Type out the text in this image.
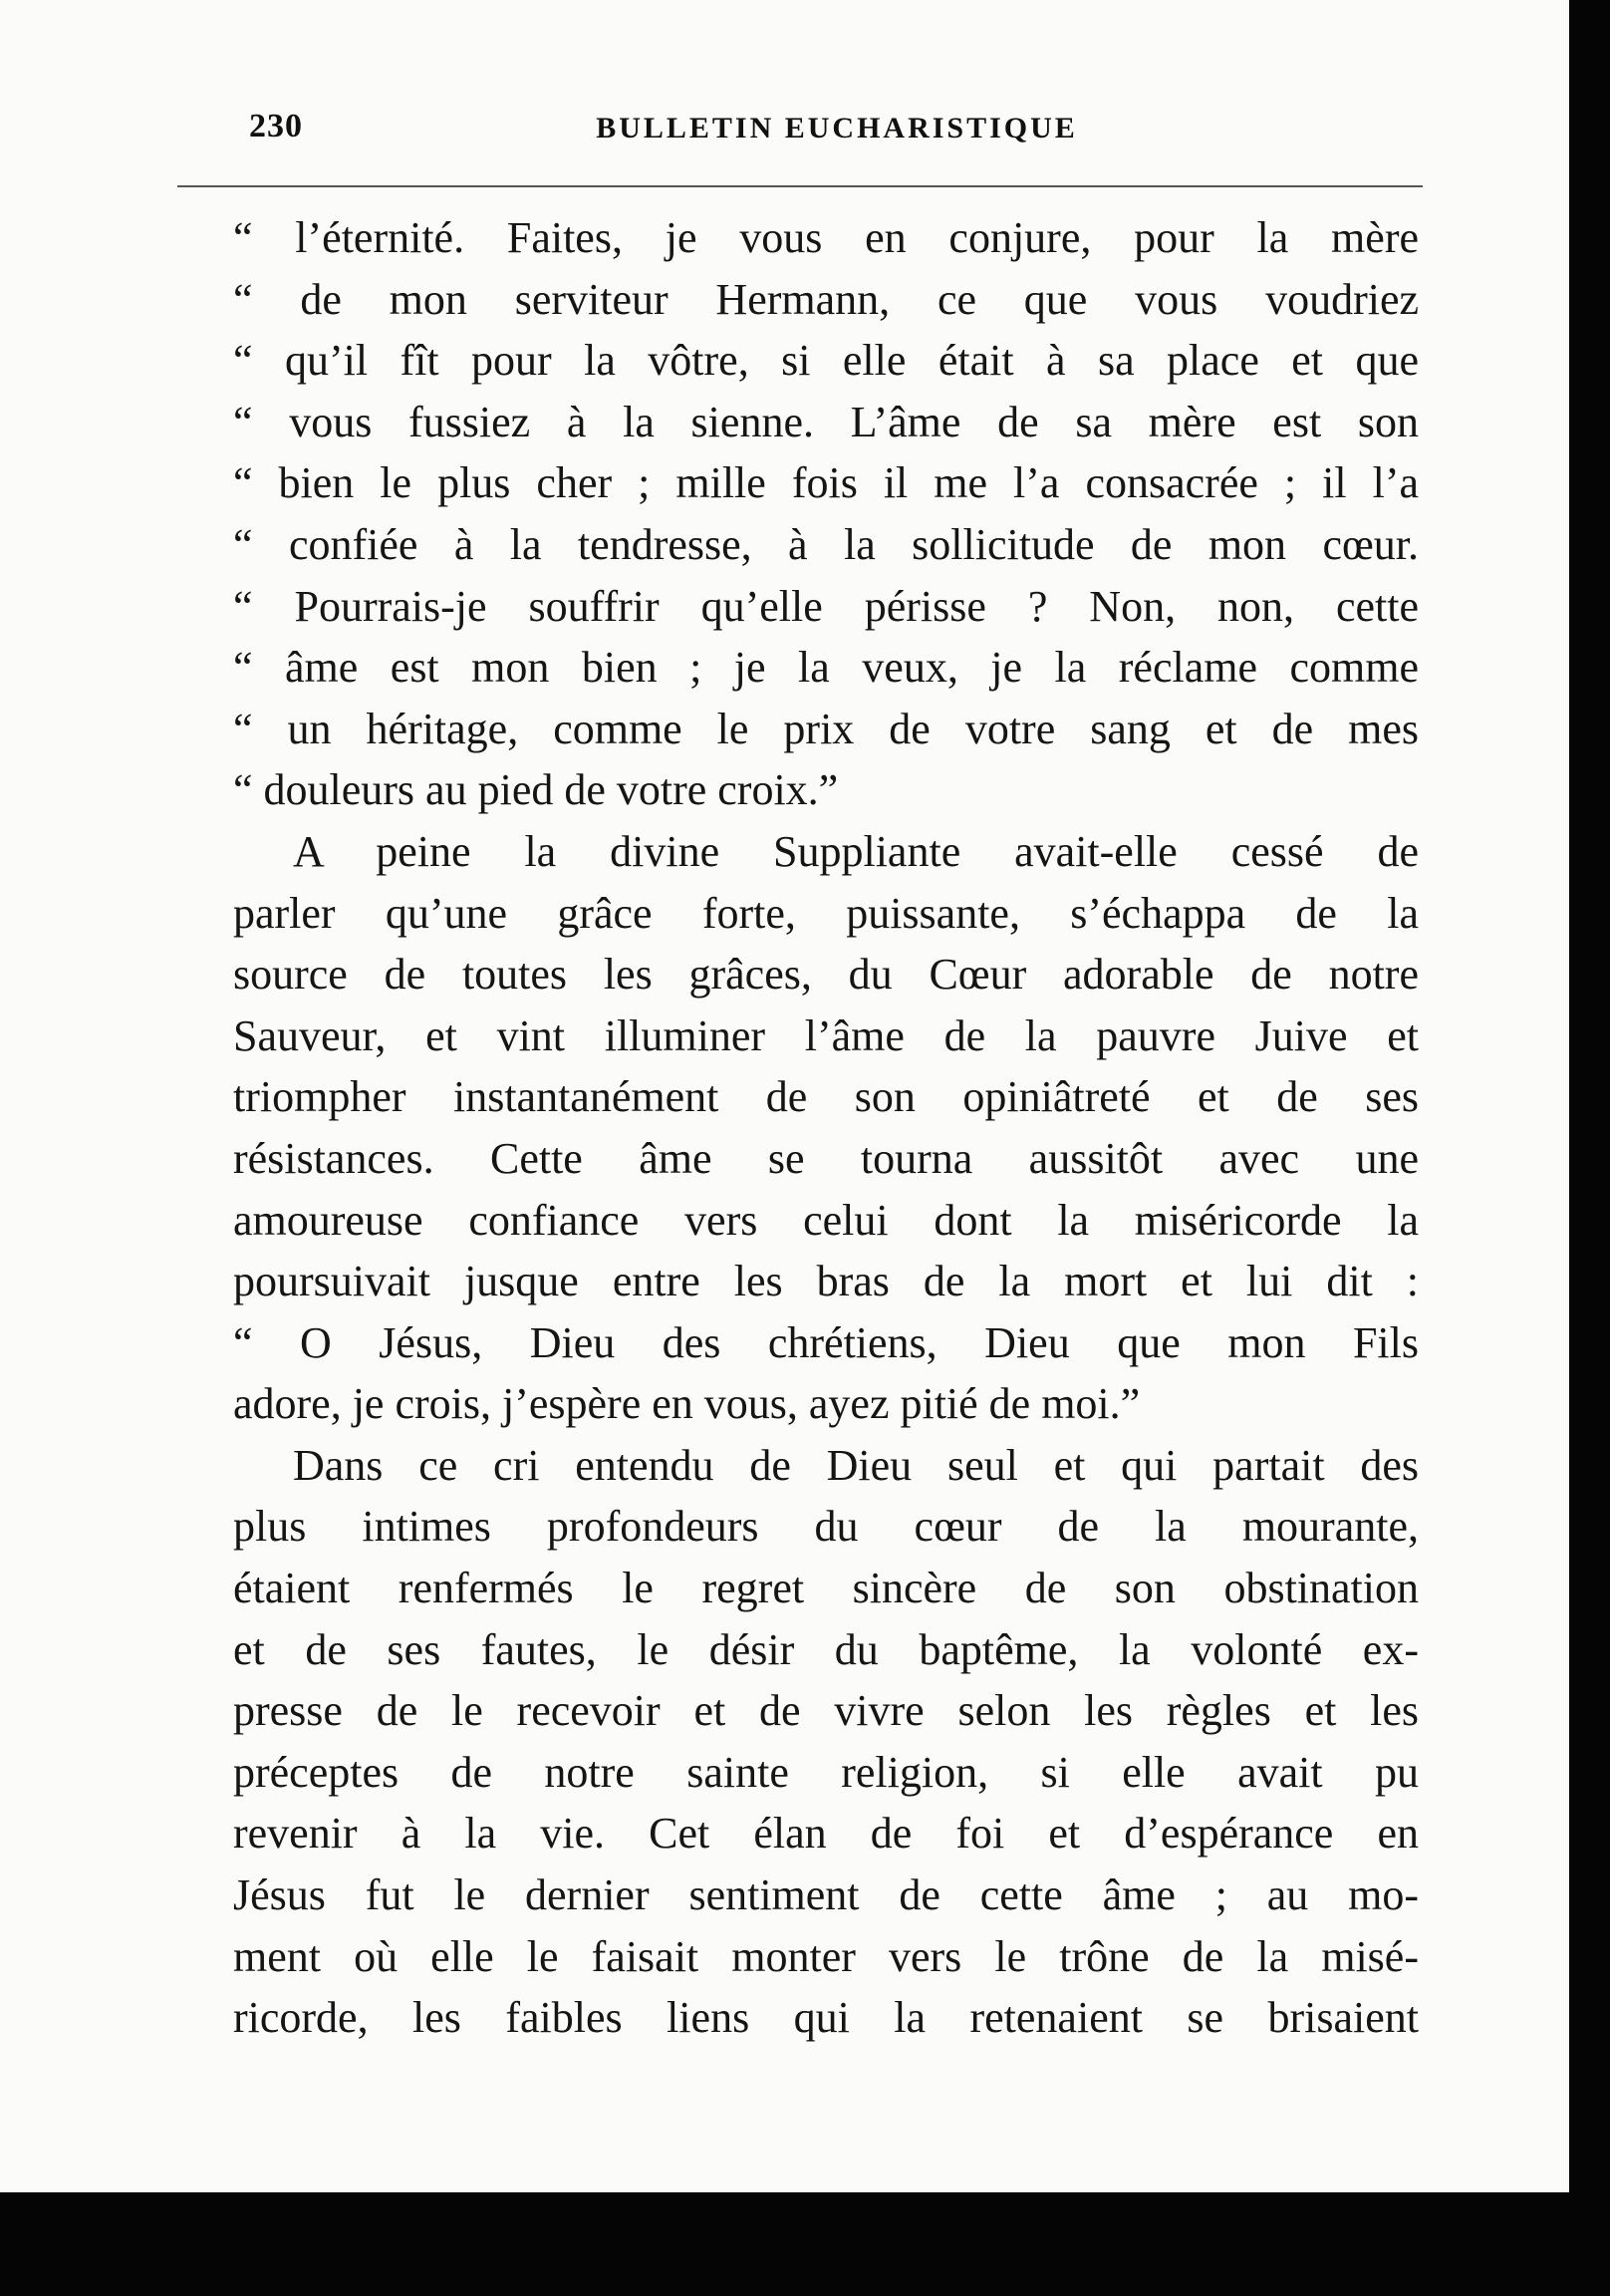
230	BULLETIN EUCHARISTIQUE
“ l’éternité. Faites, je vous en conjure, pour la mère
“ de mon serviteur Hermann, ce que vous voudriez
“ qu’il fît pour la vôtre, si elle était à sa place et que
“ vous fussiez à la sienne. L’âme de sa mère est son
“ bien le plus cher ; mille fois il me l’a consacrée ; il l’a
“ confiée à la tendresse, à la sollicitude de mon cœur.
“ Pourrais-je souffrir qu’elle périsse ? Non, non, cette
“ âme est mon bien ; je la veux, je la réclame comme
“ un héritage, comme le prix de votre sang et de mes
“ douleurs au pied de votre croix.”
A peine la divine Suppliante avait-elle cessé de
parler qu’une grâce forte, puissante, s’échappa de la
source de toutes les grâces, du Cœur adorable de notre
Sauveur, et vint illuminer l’âme de la pauvre Juive et
triompher instantanément de son opiniâtreté et de ses
résistances. Cette âme se tourna aussitôt avec une
amoureuse confiance vers celui dont la miséricorde la
poursuivait jusque entre les bras de la mort et lui dit :
“ O Jésus, Dieu des chrétiens, Dieu que mon Fils
adore, je crois, j’espère en vous, ayez pitié de moi.”
Dans ce cri entendu de Dieu seul et qui partait des
plus intimes profondeurs du cœur de la mourante,
étaient renfermés le regret sincère de son obstination
et de ses fautes, le désir du baptême, la volonté ex-
presse de le recevoir et de vivre selon les règles et les
préceptes de notre sainte religion, si elle avait pu
revenir à la vie. Cet élan de foi et d’espérance en
Jésus fut le dernier sentiment de cette âme ; au mo-
ment où elle le faisait monter vers le trône de la misé-
ricorde, les faibles liens qui la retenaient se brisaient
